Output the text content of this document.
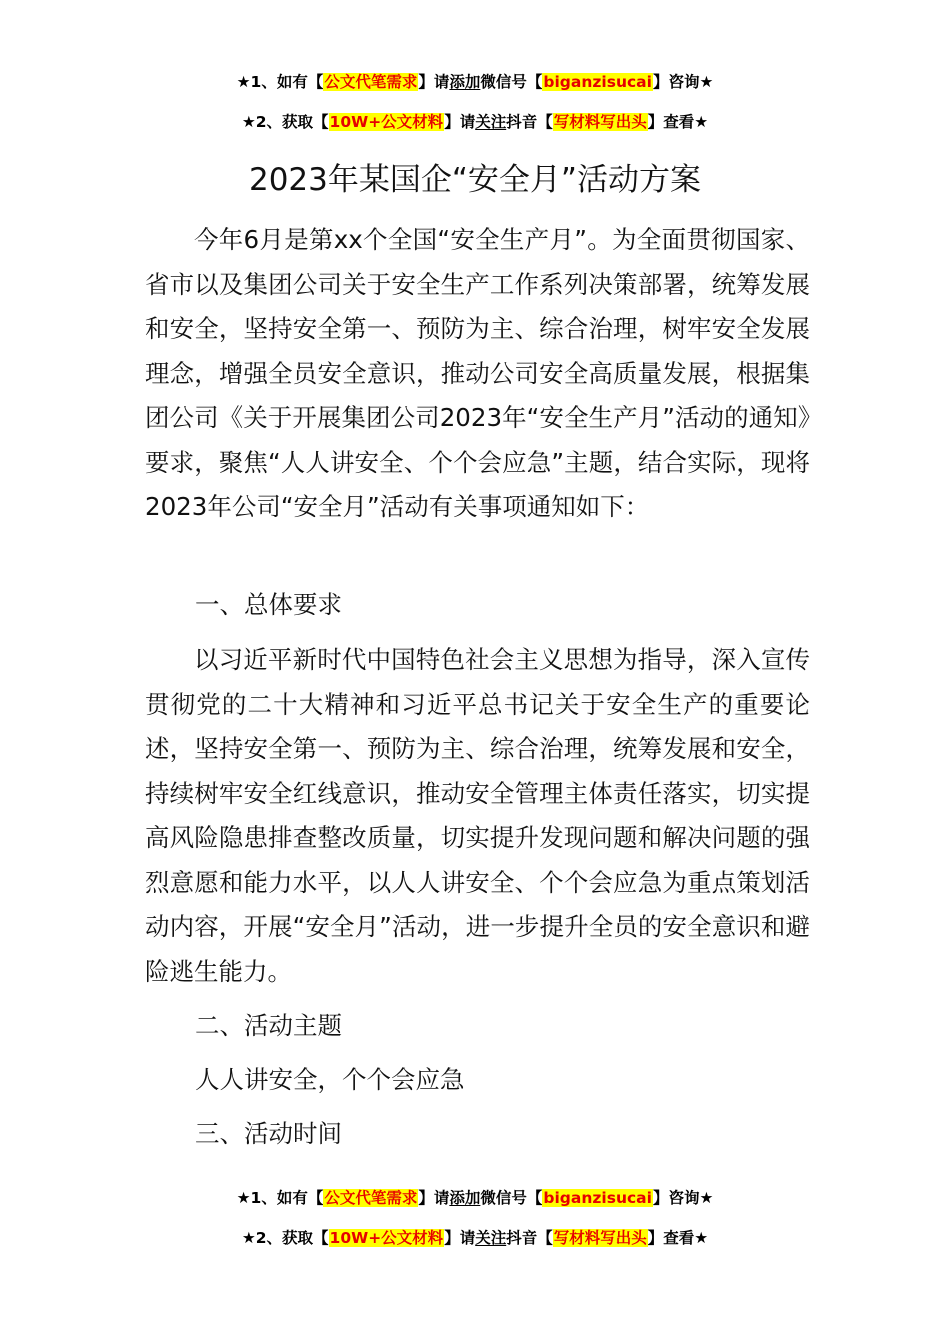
★1、如有【公文代笔需求】请添加微信号【biganzisucai】咨询★
★2、获取【10W+公文材料】请关注抖音【写材料写出头】查看★
2023年某国企“安全月”活动方案

今年6月是第xx个全国“安全生产月”。为全面贯彻国家、省市以及集团公司关于安全生产工作系列决策部署，统筹发展和安全，坚持安全第一、预防为主、综合治理，树牢安全发展理念，增强全员安全意识，推动公司安全高质量发展，根据集团公司《关于开展集团公司2023年“安全生产月”活动的通知》要求，聚焦“人人讲安全、个个会应急”主题，结合实际，现将2023年公司“安全月”活动有关事项通知如下：

一、总体要求

以习近平新时代中国特色社会主义思想为指导，深入宣传贯彻党的二十大精神和习近平总书记关于安全生产的重要论述，坚持安全第一、预防为主、综合治理，统筹发展和安全，持续树牢安全红线意识，推动安全管理主体责任落实，切实提高风险隐患排查整改质量，切实提升发现问题和解决问题的强烈意愿和能力水平，以人人讲安全、个个会应急为重点策划活动内容，开展“安全月”活动，进一步提升全员的安全意识和避险逃生能力。

二、活动主题

人人讲安全，个个会应急

三、活动时间

★1、如有【公文代笔需求】请添加微信号【biganzisucai】咨询★
★2、获取【10W+公文材料】请关注抖音【写材料写出头】查看★
